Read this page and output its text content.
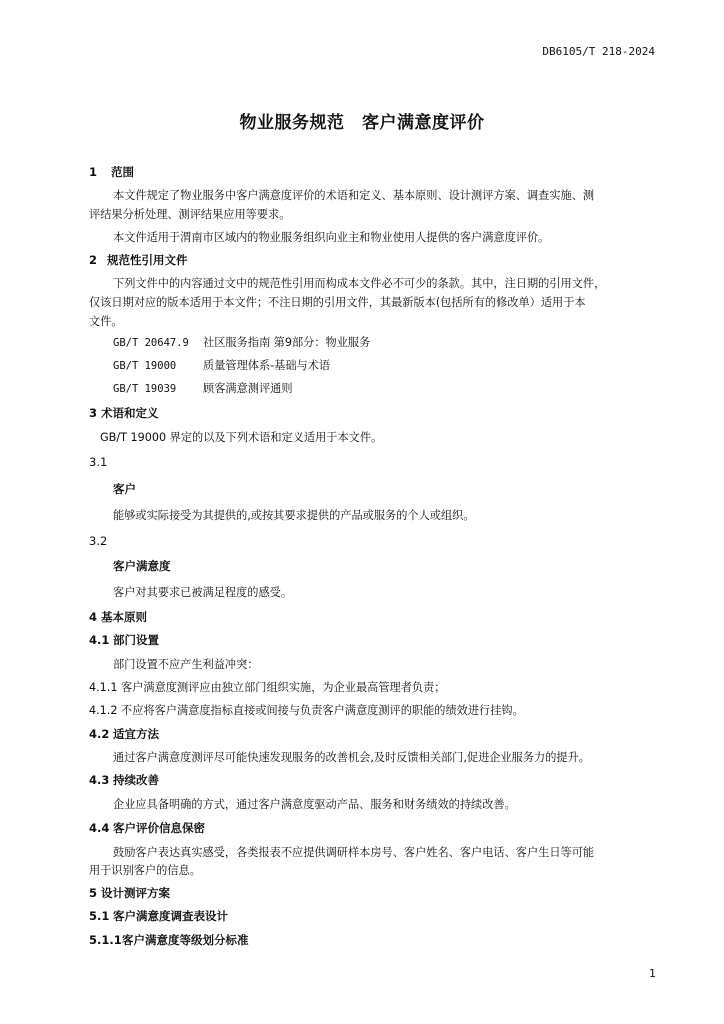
DB6105/T 218-2024
物业服务规范　客户满意度评价
1 范围
本文件规定了物业服务中客户满意度评价的术语和定义、基本原则、设计测评方案、调查实施、测
评结果分析处理、测评结果应用等要求。
本文件适用于渭南市区域内的物业服务组织向业主和物业使用人提供的客户满意度评价。
2 规范性引用文件
下列文件中的内容通过文中的规范性引用而构成本文件必不可少的条款。其中，注日期的引用文件，
仅该日期对应的版本适用于本文件；不注日期的引用文件，其最新版本(包括所有的修改单）适用于本
文件。
GB/T 20647.9 社区服务指南 第9部分：物业服务
GB/T 19000 质量管理体系-基础与术语
GB/T 19039 顾客满意测评通则
3 术语和定义
GB/T 19000 界定的以及下列术语和定义适用于本文件。
3.1
客户
能够或实际接受为其提供的,或按其要求提供的产品或服务的个人或组织。
3.2
客户满意度
客户对其要求已被满足程度的感受。
4 基本原则
4.1 部门设置
部门设置不应产生利益冲突：
4.1.1 客户满意度测评应由独立部门组织实施，为企业最高管理者负责；
4.1.2 不应将客户满意度指标直接或间接与负责客户满意度测评的职能的绩效进行挂钩。
4.2 适宜方法
通过客户满意度测评尽可能快速发现服务的改善机会,及时反馈相关部门,促进企业服务力的提升。
4.3 持续改善
企业应具备明确的方式，通过客户满意度驱动产品、服务和财务绩效的持续改善。
4.4 客户评价信息保密
鼓励客户表达真实感受，各类报表不应提供调研样本房号、客户姓名、客户电话、客户生日等可能
用于识别客户的信息。
5 设计测评方案
5.1 客户满意度调查表设计
5.1.1客户满意度等级划分标准
1
